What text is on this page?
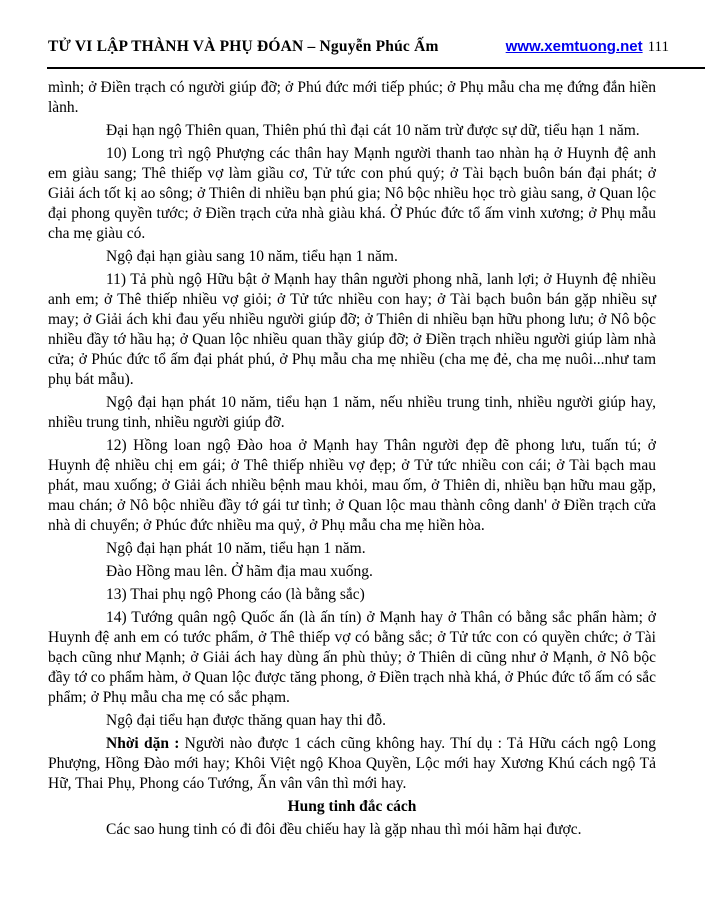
TỬ VI LẬP THÀNH VÀ PHỤ ĐÓAN – Nguyễn Phúc Ấm	www.xemtuong.net 111

mình; ở Điền trạch có người giúp đỡ; ở Phú đức mới tiếp phúc; ở Phụ mẫu cha mẹ đứng đắn hiền lành.

Đại hạn ngộ Thiên quan, Thiên phú thì đại cát 10 năm trừ được sự dữ, tiểu hạn 1 năm.

10) Long trì ngộ Phượng các thân hay Mạnh người thanh tao nhàn hạ ở Huynh đệ anh em giàu sang; Thê thiếp vợ làm giầu cơ, Tử tức con phú quý; ở Tài bạch buôn bán đại phát; ở Giải ách tốt kị ao sông; ở Thiên di nhiều bạn phú gia; Nô bộc nhiều học trò giàu sang, ở Quan lộc đại phong quyền tước; ở Điền trạch cửa nhà giàu khá. Ở Phúc đức tổ ấm vinh xương; ở Phụ mẫu cha mẹ giàu có.

Ngộ đại hạn giàu sang 10 năm, tiểu hạn 1 năm.

11) Tả phù ngộ Hữu bật ở Mạnh hay thân người phong nhã, lanh lợi; ở Huynh đệ nhiều anh em; ở Thê thiếp nhiều vợ giỏi; ở Tử tức nhiều con hay; ở Tài bạch buôn bán gặp nhiều sự may; ở Giải ách khi đau yếu nhiều người giúp đỡ; ở Thiên di nhiều bạn hữu phong lưu; ở Nô bộc nhiều đầy tớ hầu hạ; ở Quan lộc nhiều quan thầy giúp đỡ; ở Điền trạch nhiều người giúp làm nhà cửa; ở Phúc đức tổ ấm đại phát phú, ở Phụ mẫu cha mẹ nhiều (cha mẹ đẻ, cha mẹ nuôi...như tam phụ bát mẫu).

Ngộ đại hạn phát 10 năm, tiểu hạn 1 năm, nếu nhiều trung tinh, nhiều người giúp hay, nhiều trung tinh, nhiều người giúp đỡ.

12) Hồng loan ngộ Đào hoa ở Mạnh hay Thân người đẹp đẽ phong lưu, tuấn tú; ở Huynh đệ nhiều chị em gái; ở Thê thiếp nhiều vợ đẹp; ở Tử tức nhiều con cái; ở Tài bạch mau phát, mau xuống; ở Giải ách nhiều bệnh mau khỏi, mau ốm, ở Thiên di, nhiều bạn hữu mau gặp, mau chán; ở Nô bộc nhiều đầy tớ gái tư tình; ở Quan lộc mau thành công danh' ở Điền trạch cửa nhà di chuyển; ở Phúc đức nhiều ma quỷ, ở Phụ mẫu cha mẹ hiền hòa.

Ngộ đại hạn phát 10 năm, tiểu hạn 1 năm.

Đào Hồng mau lên. Ở hãm địa mau xuống.

13) Thai phụ ngộ Phong cáo (là bằng sắc)

14) Tướng quân ngộ Quốc ấn (là ấn tín) ở Mạnh hay ở Thân có bằng sắc phẩn hàm; ở Huynh đệ anh em có tước phẩm, ở Thê thiếp vợ có bằng sắc; ở Tử tức con có quyền chức; ở Tài bạch cũng như Mạnh; ở Giải ách hay dùng ấn phù thủy; ở Thiên di cũng như ở Mạnh, ở Nô bộc đầy tớ co phẩm hàm, ở Quan lộc được tăng phong, ở Điền trạch nhà khá, ở Phúc đức tổ ấm có sắc phẩm; ở Phụ mẫu cha mẹ có sắc phạm.

Ngộ đại tiểu hạn được thăng quan hay thi đỗ.

Nhời dặn : Người nào được 1 cách cũng không hay. Thí dụ : Tả Hữu cách ngộ Long Phượng, Hồng Đào mới hay; Khôi Việt ngộ Khoa Quyền, Lộc mới hay Xương Khú cách ngộ Tả Hữ, Thai Phụ, Phong cáo Tướng, Ấn vân vân thì mới hay.

Hung tinh đắc cách

Các sao hung tinh có đi đôi đều chiếu hay là gặp nhau thì mói hãm hại được.
